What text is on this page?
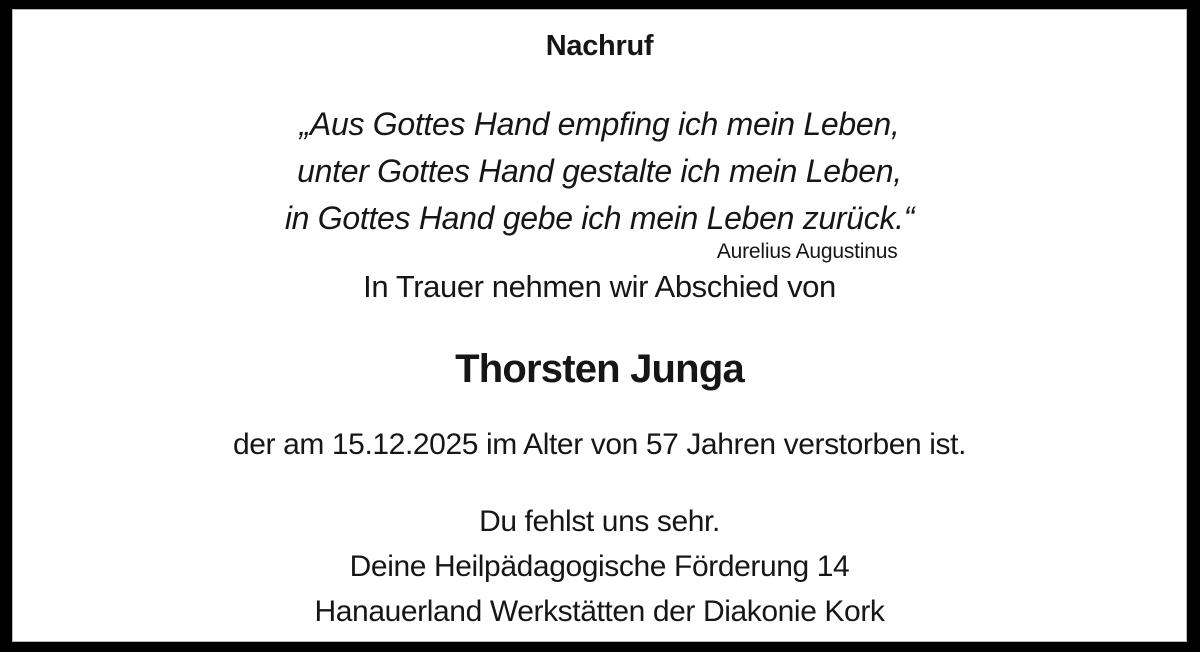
Nachruf
„Aus Gottes Hand empfing ich mein Leben,
unter Gottes Hand gestalte ich mein Leben,
in Gottes Hand gebe ich mein Leben zurück.“
Aurelius Augustinus
In Trauer nehmen wir Abschied von
Thorsten Junga
der am 15.12.2025 im Alter von 57 Jahren verstorben ist.
Du fehlst uns sehr.
Deine Heilpädagogische Förderung 14
Hanauerland Werkstätten der Diakonie Kork
